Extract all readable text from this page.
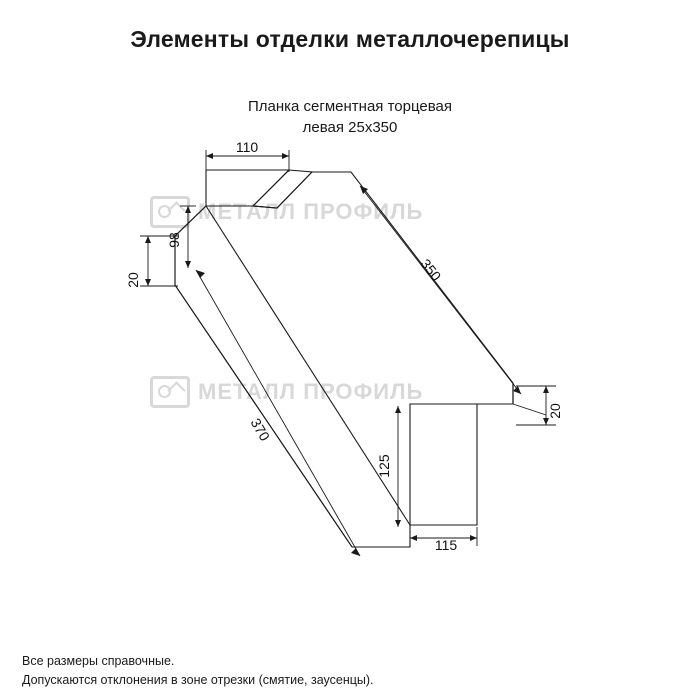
Элементы отделки металлочерепицы
Планка сегментная торцевая
левая 25х350
МЕТАЛЛ ПРОФИЛЬ
МЕТАЛЛ ПРОФИЛЬ
110
98
20	350
370
20
125
115
Все размеры справочные.
Допускаются отклонения в зоне отрезки (смятие, заусенцы).
